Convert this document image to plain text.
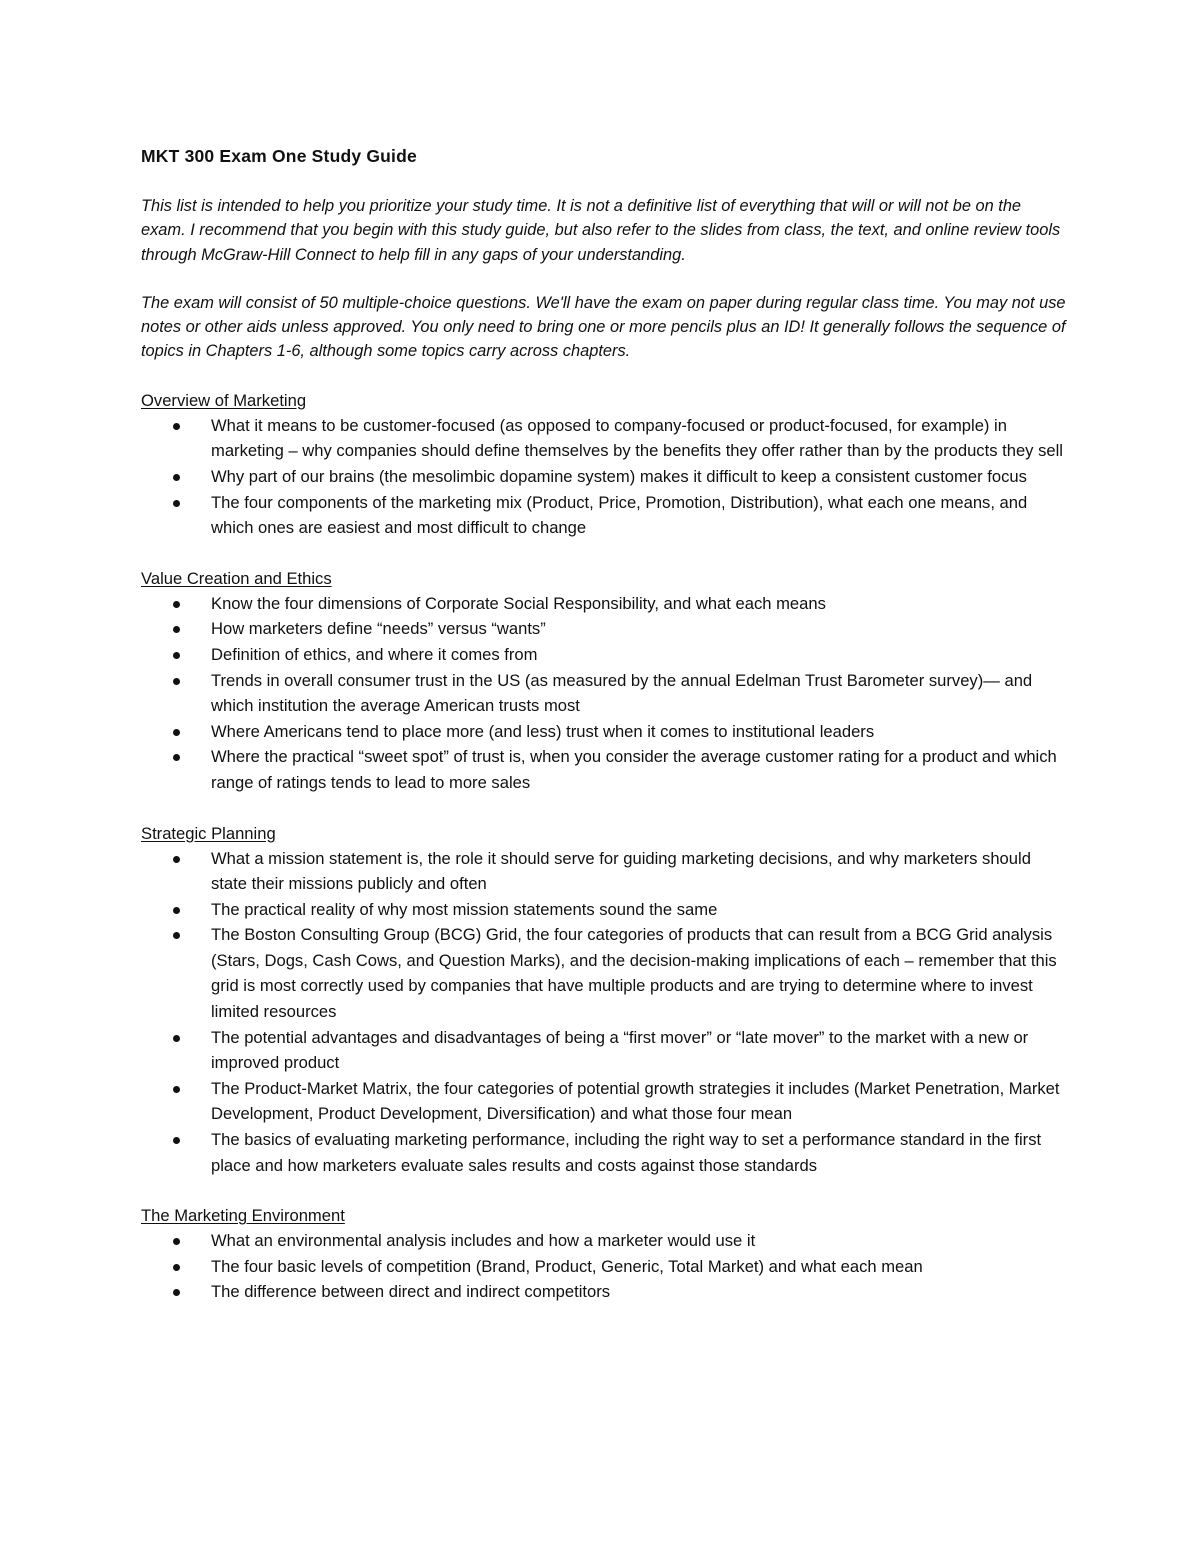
MKT 300 Exam One Study Guide

This list is intended to help you prioritize your study time. It is not a definitive list of everything that will or will not be on the exam. I recommend that you begin with this study guide, but also refer to the slides from class, the text, and online review tools through McGraw-Hill Connect to help fill in any gaps of your understanding.

The exam will consist of 50 multiple-choice questions. We'll have the exam on paper during regular class time. You may not use notes or other aids unless approved. You only need to bring one or more pencils plus an ID! It generally follows the sequence of topics in Chapters 1-6, although some topics carry across chapters.

Overview of Marketing
What it means to be customer-focused (as opposed to company-focused or product-focused, for example) in marketing – why companies should define themselves by the benefits they offer rather than by the products they sell
Why part of our brains (the mesolimbic dopamine system) makes it difficult to keep a consistent customer focus
The four components of the marketing mix (Product, Price, Promotion, Distribution), what each one means, and which ones are easiest and most difficult to change
Value Creation and Ethics
Know the four dimensions of Corporate Social Responsibility, and what each means
How marketers define “needs” versus “wants”
Definition of ethics, and where it comes from
Trends in overall consumer trust in the US (as measured by the annual Edelman Trust Barometer survey)— and which institution the average American trusts most
Where Americans tend to place more (and less) trust when it comes to institutional leaders
Where the practical “sweet spot” of trust is, when you consider the average customer rating for a product and which range of ratings tends to lead to more sales
Strategic Planning
What a mission statement is, the role it should serve for guiding marketing decisions, and why marketers should state their missions publicly and often
The practical reality of why most mission statements sound the same
The Boston Consulting Group (BCG) Grid, the four categories of products that can result from a BCG Grid analysis (Stars, Dogs, Cash Cows, and Question Marks), and the decision-making implications of each – remember that this grid is most correctly used by companies that have multiple products and are trying to determine where to invest limited resources
The potential advantages and disadvantages of being a “first mover” or “late mover” to the market with a new or improved product
The Product-Market Matrix, the four categories of potential growth strategies it includes (Market Penetration, Market Development, Product Development, Diversification) and what those four mean
The basics of evaluating marketing performance, including the right way to set a performance standard in the first place and how marketers evaluate sales results and costs against those standards
The Marketing Environment
What an environmental analysis includes and how a marketer would use it
The four basic levels of competition (Brand, Product, Generic, Total Market) and what each mean
The difference between direct and indirect competitors
